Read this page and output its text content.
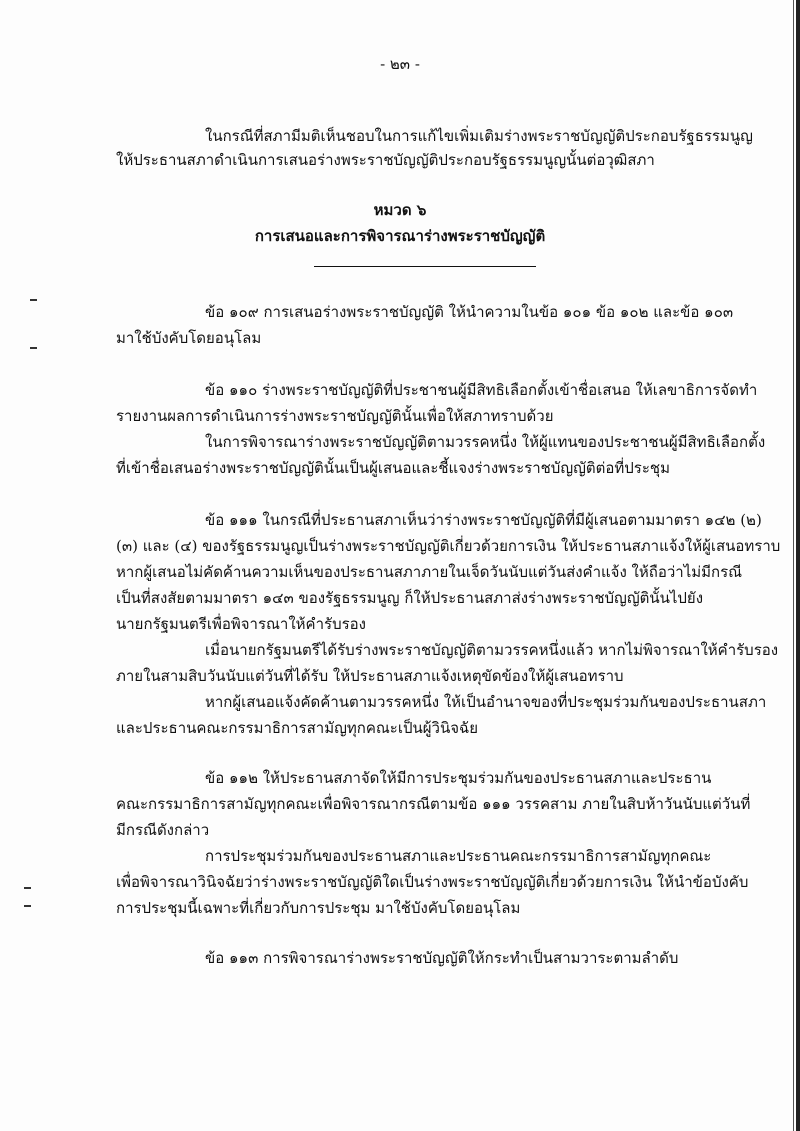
- ๒๓ -
ในกรณีที่สภามีมติเห็นชอบในการแก้ไขเพิ่มเติมร่างพระราชบัญญัติประกอบรัฐธรรมนูญ
ให้ประธานสภาดำเนินการเสนอร่างพระราชบัญญัติประกอบรัฐธรรมนูญนั้นต่อวุฒิสภา
หมวด ๖
การเสนอและการพิจารณาร่างพระราชบัญญัติ
ข้อ ๑๐๙ การเสนอร่างพระราชบัญญัติ ให้นำความในข้อ ๑๐๑ ข้อ ๑๐๒ และข้อ ๑๐๓
มาใช้บังคับโดยอนุโลม
ข้อ ๑๑๐ ร่างพระราชบัญญัติที่ประชาชนผู้มีสิทธิเลือกตั้งเข้าชื่อเสนอ ให้เลขาธิการจัดทำ
รายงานผลการดำเนินการร่างพระราชบัญญัตินั้นเพื่อให้สภาทราบด้วย
ในการพิจารณาร่างพระราชบัญญัติตามวรรคหนึ่ง ให้ผู้แทนของประชาชนผู้มีสิทธิเลือกตั้ง
ที่เข้าชื่อเสนอร่างพระราชบัญญัตินั้นเป็นผู้เสนอและชี้แจงร่างพระราชบัญญัติต่อที่ประชุม
ข้อ ๑๑๑ ในกรณีที่ประธานสภาเห็นว่าร่างพระราชบัญญัติที่มีผู้เสนอตามมาตรา ๑๔๒ (๒)
(๓) และ (๔) ของรัฐธรรมนูญเป็นร่างพระราชบัญญัติเกี่ยวด้วยการเงิน ให้ประธานสภาแจ้งให้ผู้เสนอทราบ
หากผู้เสนอไม่คัดค้านความเห็นของประธานสภาภายในเจ็ดวันนับแต่วันส่งคำแจ้ง ให้ถือว่าไม่มีกรณี
เป็นที่สงสัยตามมาตรา ๑๔๓ ของรัฐธรรมนูญ ก็ให้ประธานสภาส่งร่างพระราชบัญญัตินั้นไปยัง
นายกรัฐมนตรีเพื่อพิจารณาให้คำรับรอง
เมื่อนายกรัฐมนตรีได้รับร่างพระราชบัญญัติตามวรรคหนึ่งแล้ว หากไม่พิจารณาให้คำรับรอง
ภายในสามสิบวันนับแต่วันที่ได้รับ ให้ประธานสภาแจ้งเหตุขัดข้องให้ผู้เสนอทราบ
หากผู้เสนอแจ้งคัดค้านตามวรรคหนึ่ง ให้เป็นอำนาจของที่ประชุมร่วมกันของประธานสภา
และประธานคณะกรรมาธิการสามัญทุกคณะเป็นผู้วินิจฉัย
ข้อ ๑๑๒ ให้ประธานสภาจัดให้มีการประชุมร่วมกันของประธานสภาและประธาน
คณะกรรมาธิการสามัญทุกคณะเพื่อพิจารณากรณีตามข้อ ๑๑๑ วรรคสาม ภายในสิบห้าวันนับแต่วันที่
มีกรณีดังกล่าว
การประชุมร่วมกันของประธานสภาและประธานคณะกรรมาธิการสามัญทุกคณะ
เพื่อพิจารณาวินิจฉัยว่าร่างพระราชบัญญัติใดเป็นร่างพระราชบัญญัติเกี่ยวด้วยการเงิน ให้นำข้อบังคับ
การประชุมนี้เฉพาะที่เกี่ยวกับการประชุม มาใช้บังคับโดยอนุโลม
ข้อ ๑๑๓ การพิจารณาร่างพระราชบัญญัติให้กระทำเป็นสามวาระตามลำดับ
